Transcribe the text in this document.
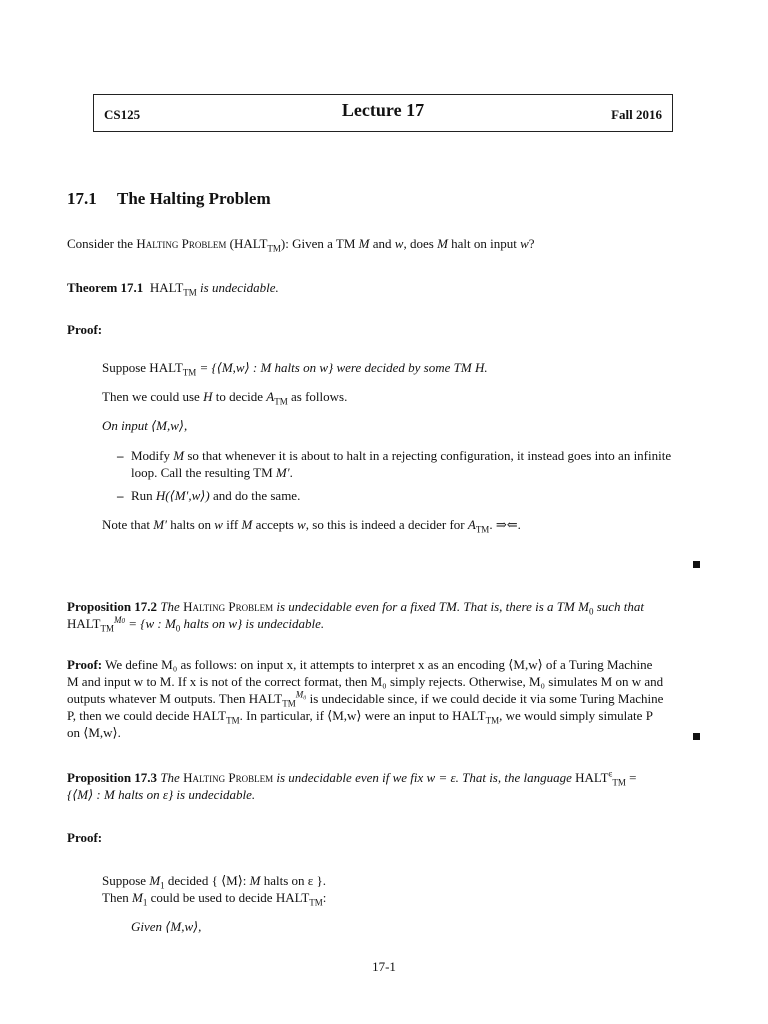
CS125	Lecture 17	Fall 2016
17.1 The Halting Problem
Consider the Halting Problem $(HALT_{TM})$: Given a TM M and w, does M halt on input w?
Theorem 17.1 $HALT_{TM}$ is undecidable.
Proof:
Suppose $HALT_{TM}$ = {⟨M,w⟩ : M halts on w} were decided by some TM H.
Then we could use H to decide $A_{TM}$ as follows.
On input ⟨M,w⟩,
– Modify M so that whenever it is about to halt in a rejecting configuration, it instead goes into an infinite
loop. Call the resulting TM M′.
– Run H(⟨M′,w⟩) and do the same.
Note that M′ halts on w iff M accepts w, so this is indeed a decider for $A_{TM}$. ⇒⇐.
Proposition 17.2 The Halting Problem is undecidable even for a fixed TM. That is, there is a TM $M_0$ such that
$HALT_{TM}^{M0} = \{w$ : $M_0$ halts on w} is undecidable.
Proof: We define M₀ as follows: on input x, it attempts to interpret x as an encoding ⟨M,w⟩ of a Turing Machine
M and input w to M. If x is not of the correct format, then M₀ simply rejects. Otherwise, M₀ simulates M on w and
outputs whatever M outputs. Then $HALT_{TM}^{M_0}$ is undecidable since, if we could decide it via some Turing Machine
P, then we could decide $HALT_{TM}$. In particular, if ⟨M,w⟩ were an input to $HALT_{TM}$, we would simply simulate P
on ⟨M,w⟩.
Proposition 17.3 The Halting Problem is undecidable even if we fix w = ε. That is, the language $HALT^\varepsilon_{TM}$ =
{⟨M⟩ : M halts on ε} is undecidable.
Proof:
Suppose $M_1$ decided { ⟨M⟩: M halts on ε }.
Then $M_1$ could be used to decide $HALT_{TM}$:
Given ⟨M,w⟩,
17-1
